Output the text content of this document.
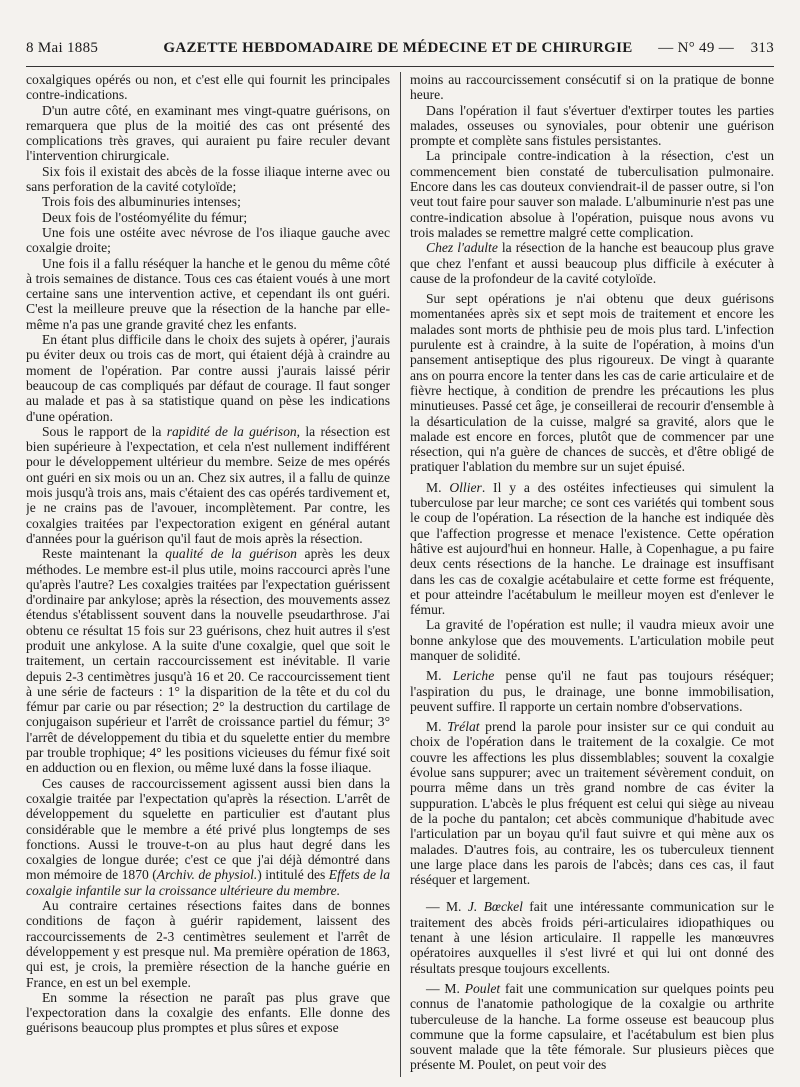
8 Mai 1885	GAZETTE HEBDOMADAIRE DE MÉDECINE ET DE CHIRURGIE	— N° 49 —	313

coxalgiques opérés ou non, et c'est elle qui fournit les principales contre-indications.

D'un autre côté, en examinant mes vingt-quatre guérisons, on remarquera que plus de la moitié des cas ont présenté des complications très graves, qui auraient pu faire reculer devant l'intervention chirurgicale.

Six fois il existait des abcès de la fosse iliaque interne avec ou sans perforation de la cavité cotyloïde;

Trois fois des albuminuries intenses;

Deux fois de l'ostéomyélite du fémur;

Une fois une ostéite avec névrose de l'os iliaque gauche avec coxalgie droite;

Une fois il a fallu réséquer la hanche et le genou du même côté à trois semaines de distance. Tous ces cas étaient voués à une mort certaine sans une intervention active, et cependant ils ont guéri. C'est la meilleure preuve que la résection de la hanche par elle-même n'a pas une grande gravité chez les enfants.

En étant plus difficile dans le choix des sujets à opérer, j'aurais pu éviter deux ou trois cas de mort, qui étaient déjà à craindre au moment de l'opération. Par contre aussi j'aurais laissé périr beaucoup de cas compliqués par défaut de courage. Il faut songer au malade et pas à sa statistique quand on pèse les indications d'une opération.

Sous le rapport de la rapidité de la guérison, la résection est bien supérieure à l'expectation, et cela n'est nullement indifférent pour le développement ultérieur du membre. Seize de mes opérés ont guéri en six mois ou un an. Chez six autres, il a fallu de quinze mois jusqu'à trois ans, mais c'étaient des cas opérés tardivement et, je ne crains pas de l'avouer, incomplètement. Par contre, les coxalgies traitées par l'expectoration exigent en général autant d'années pour la guérison qu'il faut de mois après la résection.

Reste maintenant la qualité de la guérison après les deux méthodes. Le membre est-il plus utile, moins raccourci après l'une qu'après l'autre? Les coxalgies traitées par l'expectation guérissent d'ordinaire par ankylose; après la résection, des mouvements assez étendus s'établissent souvent dans la nouvelle pseudarthrose. J'ai obtenu ce résultat 15 fois sur 23 guérisons, chez huit autres il s'est produit une ankylose. A la suite d'une coxalgie, quel que soit le traitement, un certain raccourcissement est inévitable. Il varie depuis 2-3 centimètres jusqu'à 16 et 20. Ce raccourcissement tient à une série de facteurs : 1° la disparition de la tête et du col du fémur par carie ou par résection; 2° la destruction du cartilage de conjugaison supérieur et l'arrêt de croissance partiel du fémur; 3° l'arrêt de développement du tibia et du squelette entier du membre par trouble trophique; 4° les positions vicieuses du fémur fixé soit en adduction ou en flexion, ou même luxé dans la fosse iliaque.

Ces causes de raccourcissement agissent aussi bien dans la coxalgie traitée par l'expectation qu'après la résection. L'arrêt de développement du squelette en particulier est d'autant plus considérable que le membre a été privé plus longtemps de ses fonctions. Aussi le trouve-t-on au plus haut degré dans les coxalgies de longue durée; c'est ce que j'ai déjà démontré dans mon mémoire de 1870 (Archiv. de physiol.) intitulé des Effets de la coxalgie infantile sur la croissance ultérieure du membre.

Au contraire certaines résections faites dans de bonnes conditions de façon à guérir rapidement, laissent des raccourcissements de 2-3 centimètres seulement et l'arrêt de développement y est presque nul. Ma première opération de 1863, qui est, je crois, la première résection de la hanche guérie en France, en est un bel exemple.

En somme la résection ne paraît pas plus grave que l'expectoration dans la coxalgie des enfants. Elle donne des guérisons beaucoup plus promptes et plus sûres et expose

moins au raccourcissement consécutif si on la pratique de bonne heure.

Dans l'opération il faut s'évertuer d'extirper toutes les parties malades, osseuses ou synoviales, pour obtenir une guérison prompte et complète sans fistules persistantes.

La principale contre-indication à la résection, c'est un commencement bien constaté de tuberculisation pulmonaire. Encore dans les cas douteux conviendrait-il de passer outre, si l'on veut tout faire pour sauver son malade. L'albuminurie n'est pas une contre-indication absolue à l'opération, puisque nous avons vu trois malades se remettre malgré cette complication.

Chez l'adulte la résection de la hanche est beaucoup plus grave que chez l'enfant et aussi beaucoup plus difficile à exécuter à cause de la profondeur de la cavité cotyloïde.

Sur sept opérations je n'ai obtenu que deux guérisons momentanées après six et sept mois de traitement et encore les malades sont morts de phthisie peu de mois plus tard. L'infection purulente est à craindre, à la suite de l'opération, à moins d'un pansement antiseptique des plus rigoureux. De vingt à quarante ans on pourra encore la tenter dans les cas de carie articulaire et de fièvre hectique, à condition de prendre les précautions les plus minutieuses. Passé cet âge, je conseillerai de recourir d'ensemble à la désarticulation de la cuisse, malgré sa gravité, alors que le malade est encore en forces, plutôt que de commencer par une résection, qui n'a guère de chances de succès, et d'être obligé de pratiquer l'ablation du membre sur un sujet épuisé.

M. Ollier. Il y a des ostéites infectieuses qui simulent la tuberculose par leur marche; ce sont ces variétés qui tombent sous le coup de l'opération. La résection de la hanche est indiquée dès que l'affection progresse et menace l'existence. Cette opération hâtive est aujourd'hui en honneur. Halle, à Copenhague, a pu faire deux cents résections de la hanche. Le drainage est insuffisant dans les cas de coxalgie acétabulaire et cette forme est fréquente, et pour atteindre l'acétabulum le meilleur moyen est d'enlever le fémur.

La gravité de l'opération est nulle; il vaudra mieux avoir une bonne ankylose que des mouvements. L'articulation mobile peut manquer de solidité.

M. Leriche pense qu'il ne faut pas toujours réséquer; l'aspiration du pus, le drainage, une bonne immobilisation, peuvent suffire. Il rapporte un certain nombre d'observations.

M. Trélat prend la parole pour insister sur ce qui conduit au choix de l'opération dans le traitement de la coxalgie. Ce mot couvre les affections les plus dissemblables; souvent la coxalgie évolue sans suppurer; avec un traitement sévèrement conduit, on pourra même dans un très grand nombre de cas éviter la suppuration. L'abcès le plus fréquent est celui qui siège au niveau de la poche du pantalon; cet abcès communique d'habitude avec l'articulation par un boyau qu'il faut suivre et qui mène aux os malades. D'autres fois, au contraire, les os tuberculeux tiennent une large place dans les parois de l'abcès; dans ces cas, il faut réséquer et largement.

— M. J. Bœckel fait une intéressante communication sur le traitement des abcès froids péri-articulaires idiopathiques ou tenant à une lésion articulaire. Il rappelle les manœuvres opératoires auxquelles il s'est livré et qui lui ont donné des résultats presque toujours excellents.

— M. Poulet fait une communication sur quelques points peu connus de l'anatomie pathologique de la coxalgie ou arthrite tuberculeuse de la hanche. La forme osseuse est beaucoup plus commune que la forme capsulaire, et l'acétabulum est bien plus souvent malade que la tête fémorale. Sur plusieurs pièces que présente M. Poulet, on peut voir des
